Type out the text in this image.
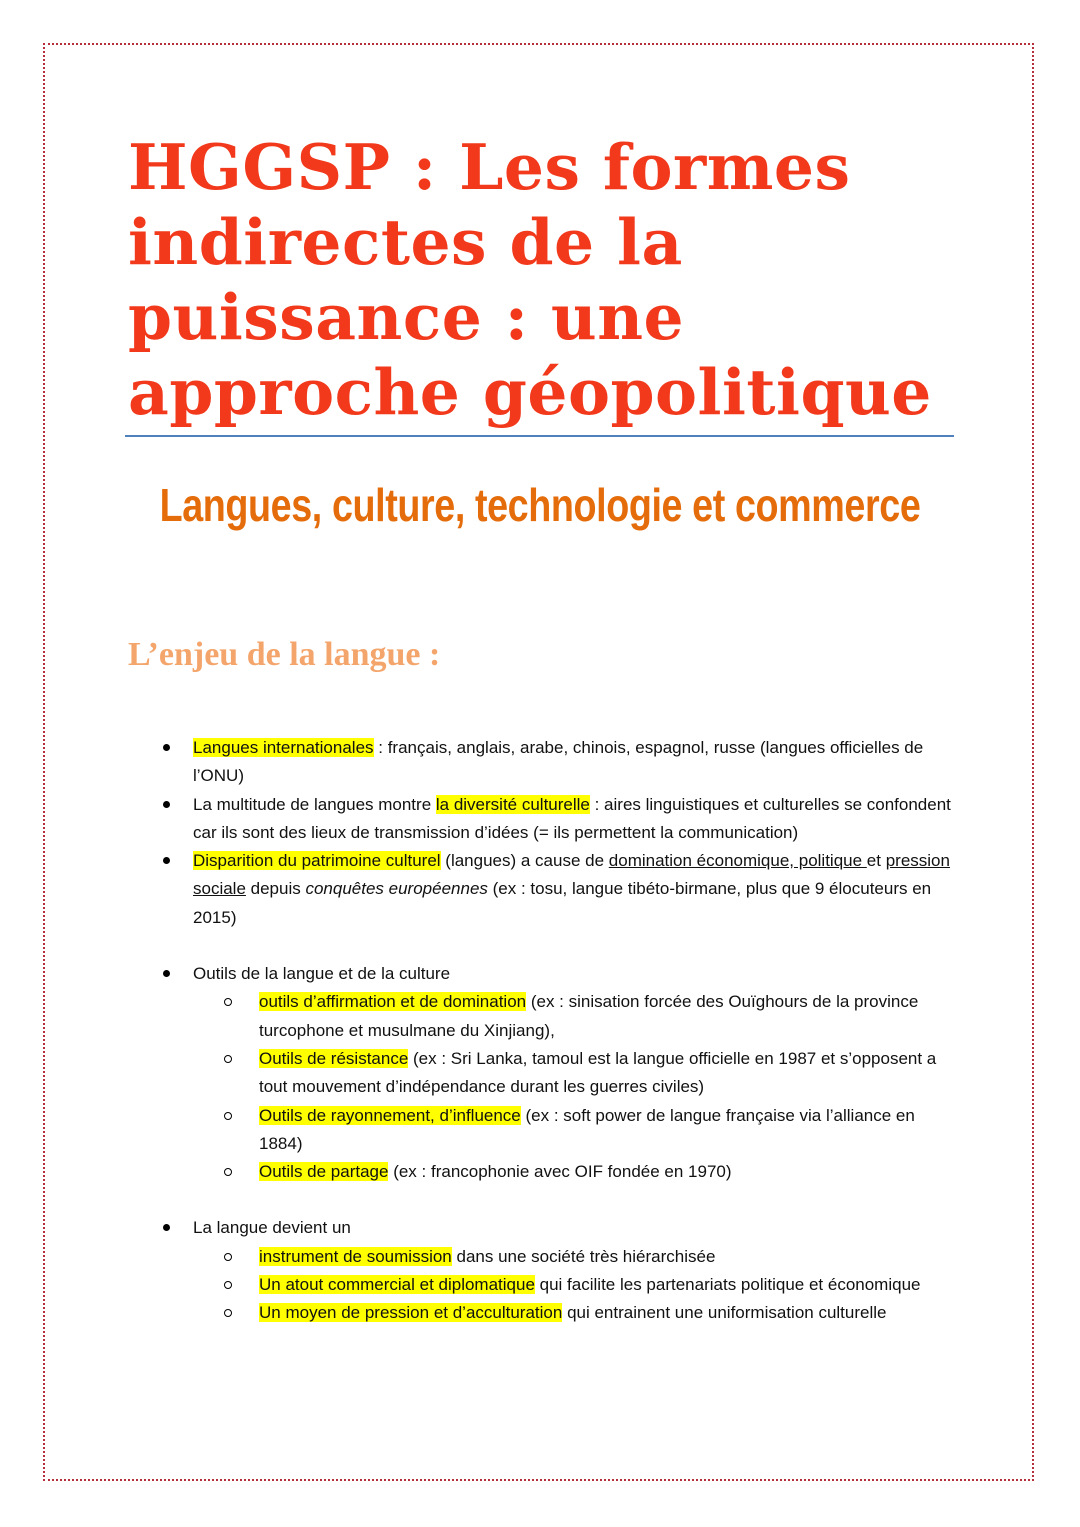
HGGSP : Les formes indirectes de la puissance : une approche géopolitique
Langues, culture, technologie et commerce
L’enjeu de la langue :
Langues internationales : français, anglais, arabe, chinois, espagnol, russe (langues officielles de l’ONU)
La multitude de langues montre la diversité culturelle : aires linguistiques et culturelles se confondent car ils sont des lieux de transmission d’idées (= ils permettent la communication)
Disparition du patrimoine culturel (langues) a cause de domination économique, politique et pression sociale depuis conquêtes européennes (ex : tosu, langue tibéto-birmane, plus que 9 élocuteurs en 2015)
Outils de la langue et de la culture
outils d’affirmation et de domination (ex : sinisation forcée des Ouïghours de la province turcophone et musulmane du Xinjiang),
Outils de résistance (ex : Sri Lanka, tamoul est la langue officielle en 1987 et s’opposent a tout mouvement d’indépendance durant les guerres civiles)
Outils de rayonnement, d’influence (ex : soft power de langue française via l’alliance en 1884)
Outils de partage (ex : francophonie avec OIF fondée en 1970)
La langue devient un
instrument de soumission dans une société très hiérarchisée
Un atout commercial et diplomatique qui facilite les partenariats politique et économique
Un moyen de pression et d’acculturation qui entrainent une uniformisation culturelle
